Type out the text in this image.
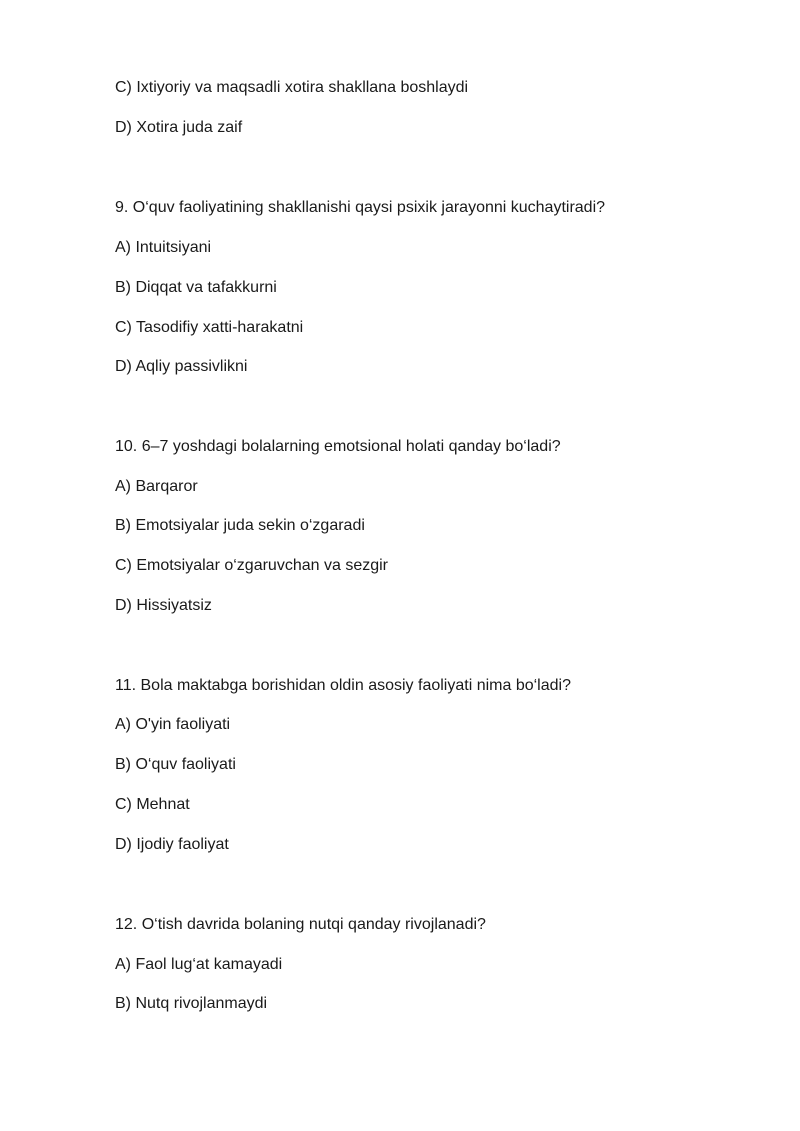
C) Ixtiyoriy va maqsadli xotira shakllana boshlaydi
D) Xotira juda zaif
9. O‘quv faoliyatining shakllanishi qaysi psixik jarayonni kuchaytiradi?
A) Intuitsiyani
B) Diqqat va tafakkurni
C) Tasodifiy xatti-harakatni
D) Aqliy passivlikni
10. 6–7 yoshdagi bolalarning emotsional holati qanday bo‘ladi?
A) Barqaror
B) Emotsiyalar juda sekin o‘zgaradi
C) Emotsiyalar o‘zgaruvchan va sezgir
D) Hissiyatsiz
11. Bola maktabga borishidan oldin asosiy faoliyati nima bo‘ladi?
A) O'yin faoliyati
B) O‘quv faoliyati
C) Mehnat
D) Ijodiy faoliyat
12. O‘tish davrida bolaning nutqi qanday rivojlanadi?
A) Faol lug‘at kamayadi
B) Nutq rivojlanmaydi
